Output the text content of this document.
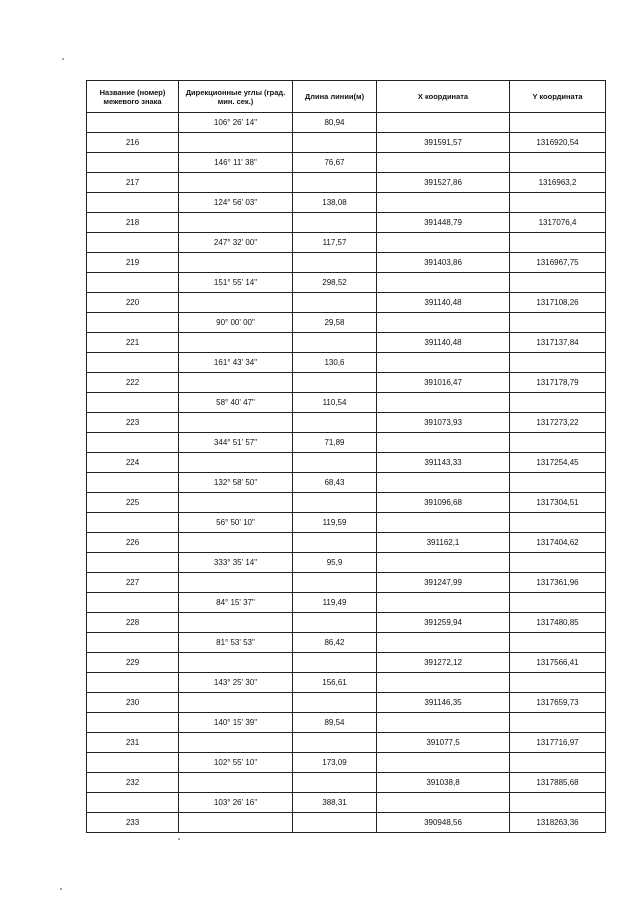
Название (номер) межевого знака	Дирекционные углы (град. мин. сек.)	Длина линии(м)	X координата	Y координата
	106° 26' 14"	80,94		
216			391591,57	1316920,54
	146° 11' 38"	76,67		
217			391527,86	1316963,2
	124° 56' 03"	138,08		
218			391448,79	1317076,4
	247° 32' 00"	117,57		
219			391403,86	1316967,75
	151° 55' 14"	298,52		
220			391140,48	1317108,26
	90° 00' 00"	29,58		
221			391140,48	1317137,84
	161° 43' 34"	130,6		
222			391016,47	1317178,79
	58° 40' 47"	110,54		
223			391073,93	1317273,22
	344° 51' 57"	71,89		
224			391143,33	1317254,45
	132° 58' 50"	68,43		
225			391096,68	1317304,51
	56° 50' 10"	119,59		
226			391162,1	1317404,62
	333° 35' 14"	95,9		
227			391247,99	1317361,96
	84° 15' 37"	119,49		
228			391259,94	1317480,85
	81° 53' 53"	86,42		
229			391272,12	1317566,41
	143° 25' 30"	156,61		
230			391146,35	1317659,73
	140° 15' 39"	89,54		
231			391077,5	1317716,97
	102° 55' 10"	173,09		
232			391038,8	1317885,68
	103° 26' 16"	388,31		
233			390948,56	1318263,36
